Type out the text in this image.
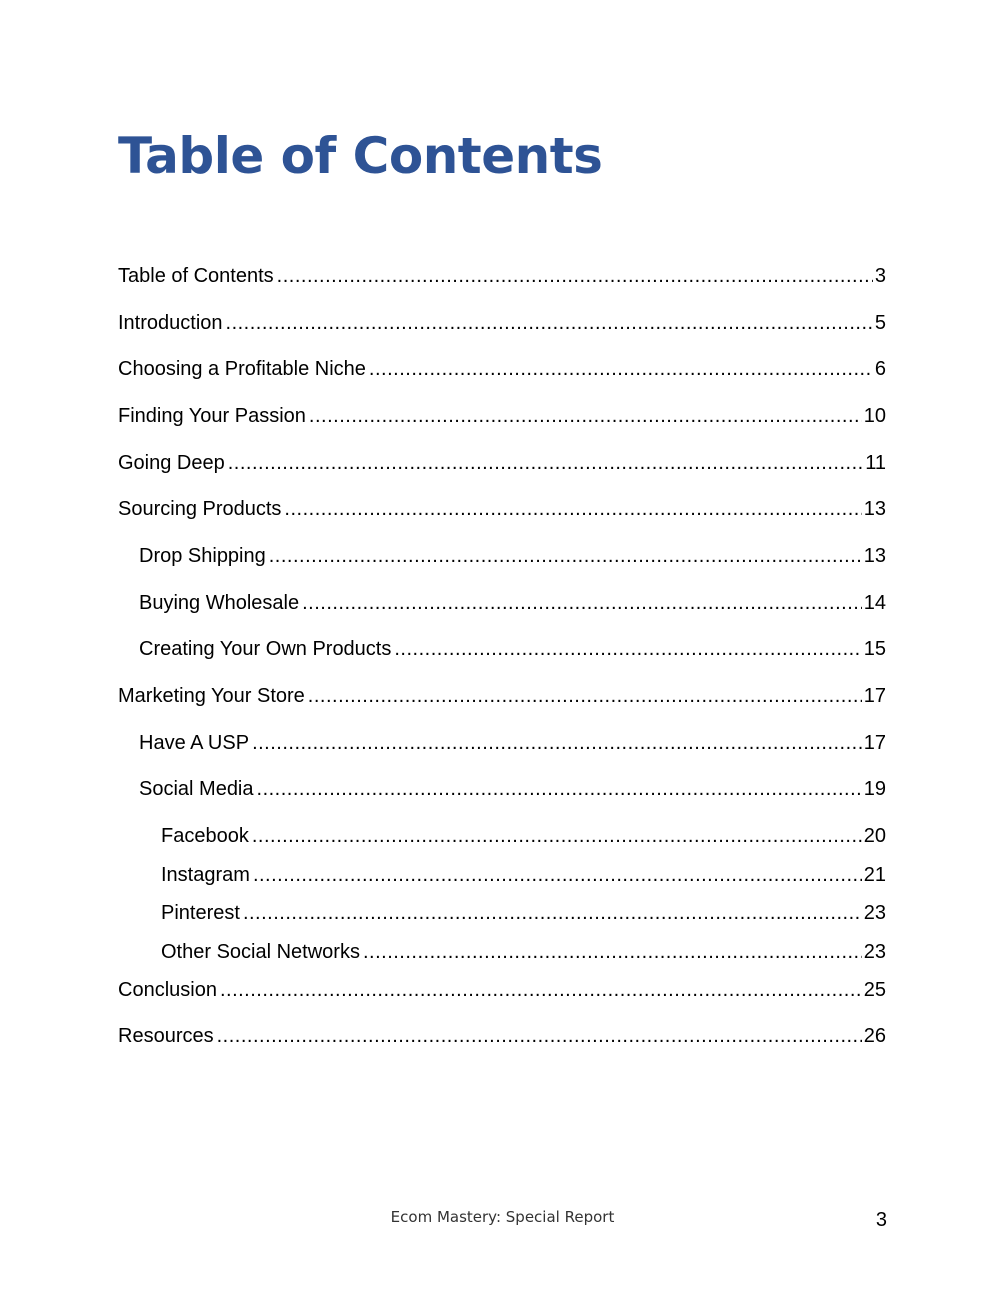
Table of Contents
Table of Contents .....	3
Introduction .....	5
Choosing a Profitable Niche .....	6
Finding Your Passion .....	10
Going Deep .....	11
Sourcing Products .....	13
Drop Shipping .....	13
Buying Wholesale .....	14
Creating Your Own Products .....	15
Marketing Your Store .....	17
Have A USP .....	17
Social Media .....	19
Facebook .....	20
Instagram .....	21
Pinterest .....	23
Other Social Networks .....	23
Conclusion .....	25
Resources .....	26
Ecom Mastery: Special Report	3
